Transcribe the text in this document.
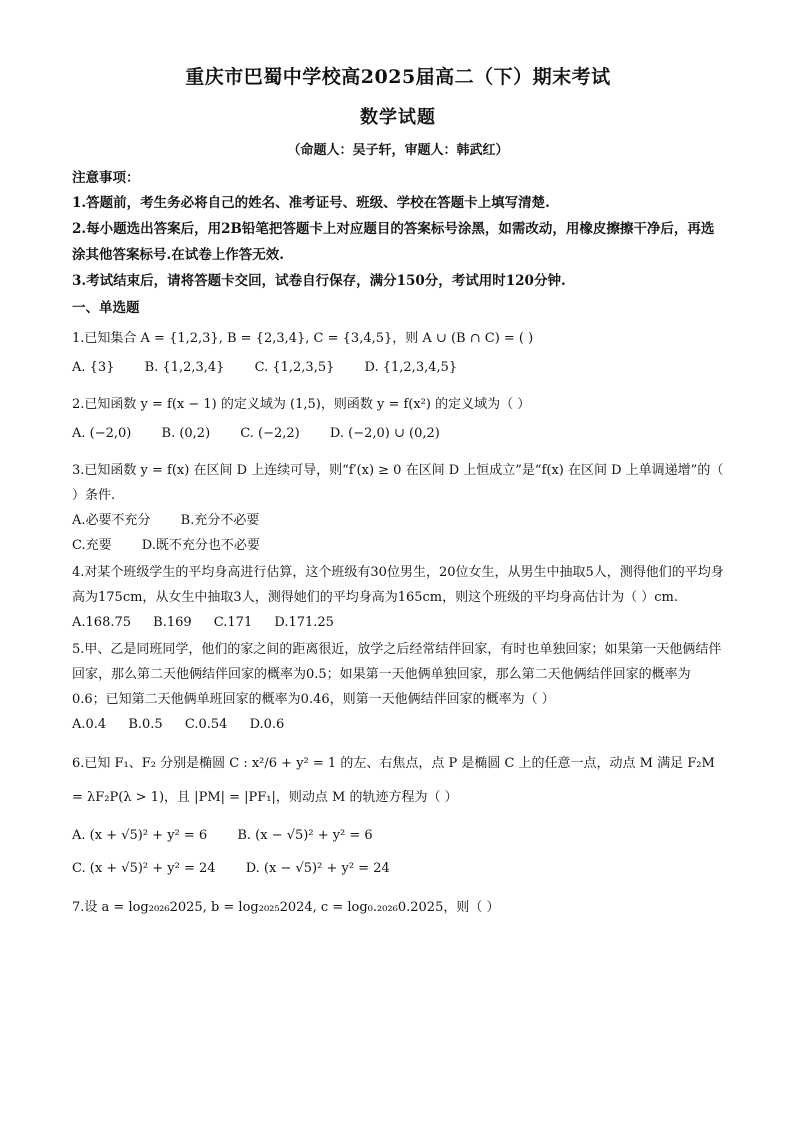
重庆市巴蜀中学校高2025届高二（下）期末考试
数学试题
（命题人：吴子轩，审题人：韩武红）
注意事项：

1.答题前，考生务必将自己的姓名、准考证号、班级、学校在答题卡上填写清楚.

2.每小题选出答案后，用2B铅笔把答题卡上对应题目的答案标号涂黑，如需改动，用橡皮擦擦干净后，再选涂其他答案标号.在试卷上作答无效.

3.考试结束后，请将答题卡交回，试卷自行保存，满分150分，考试用时120分钟.

一、单选题

1.已知集合 A = {1,2,3}, B = {2,3,4}, C = {3,4,5}，则 A ∪ (B ∩ C) = ( )

A. {3} B. {1,2,3,4} C. {1,2,3,5} D. {1,2,3,4,5}

2.已知函数 y = f(x − 1) 的定义域为 (1,5)，则函数 y = f(x²) 的定义域为（ ）

A. (−2,0) B. (0,2) C. (−2,2) D. (−2,0) ∪ (0,2)

3.已知函数 y = f(x) 在区间 D 上连续可导，则“f′(x) ≥ 0 在区间 D 上恒成立”是“f(x) 在区间 D 上单调递增”的（ ）条件.

A.必要不充分 B.充分不必要
C.充要 D.既不充分也不必要

4.对某个班级学生的平均身高进行估算，这个班级有30位男生，20位女生，从男生中抽取5人，测得他们的平均身高为175cm，从女生中抽取3人，测得她们的平均身高为165cm，则这个班级的平均身高估计为（ ）cm.

A.168.75 B.169 C.171 D.171.25

5.甲、乙是同班同学，他们的家之间的距离很近，放学之后经常结伴回家，有时也单独回家；如果第一天他俩结伴回家，那么第二天他俩结伴回家的概率为0.5；如果第一天他俩单独回家，那么第二天他俩结伴回家的概率为0.6；已知第二天他俩单班回家的概率为0.46，则第一天他俩结伴回家的概率为（ ）

A.0.4 B.0.5 C.0.54 D.0.6

6.已知 F₁、F₂ 分别是椭圆 C : x²/6 + y² = 1 的左、右焦点，点 P 是椭圆 C 上的任意一点，动点 M 满足 F₂M = λF₂P(λ > 1)，且 |PM| = |PF₁|，则动点 M 的轨迹方程为（ ）

A. (x + √5)² + y² = 6 B. (x − √5)² + y² = 6
C. (x + √5)² + y² = 24 D. (x − √5)² + y² = 24

7.设 a = log₂₀₂₆2025, b = log₂₀₂₅2024, c = log₀.₂₀₂₆0.2025，则（ ）
